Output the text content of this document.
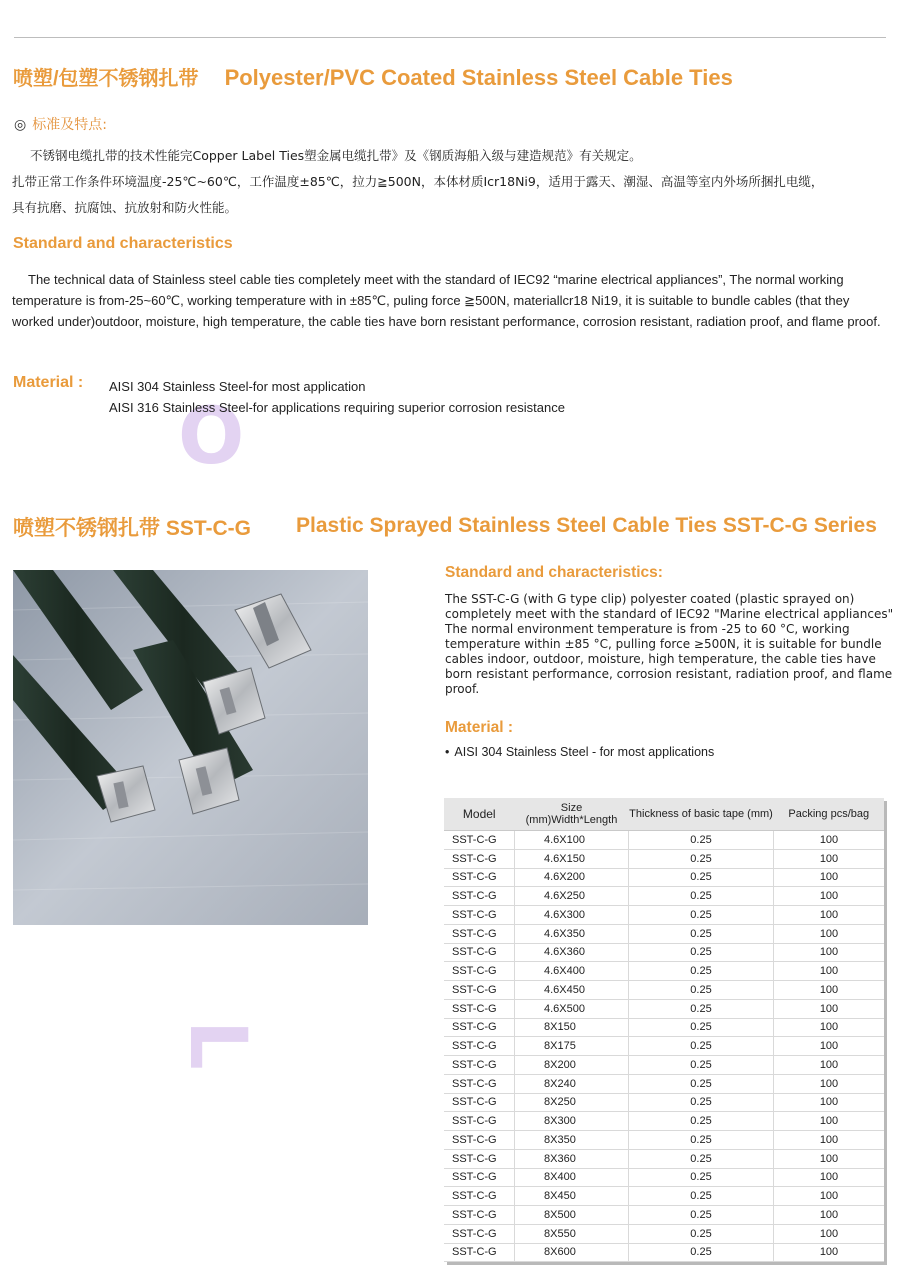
O
L
喷塑/包塑不锈钢扎带 Polyester/PVC Coated Stainless Steel Cable Ties
◎ 标准及特点:
不锈钢电缆扎带的技术性能完Copper Label Ties塑金属电缆扎带》及《钢质海船入级与建造规范》有关规定。
扎带正常工作条件环境温度-25℃~60℃，工作温度±85℃，拉力≧500N，本体材质Icr18Ni9，适用于露天、潮湿、高温等室内外场所捆扎电缆，
具有抗磨、抗腐蚀、抗放射和防火性能。
Standard and characteristics
The technical data of Stainless steel cable ties completely meet with the standard of IEC92 “marine electrical appliances”, The normal working temperature is from-25~60℃, working temperature with in ±85℃, puling force ≧500N, materiallcr18 Ni19, it is suitable to bundle cables (that they worked under)outdoor, moisture, high temperature, the cable ties have born resistant performance, corrosion resistant, radiation proof, and flame proof.
Material : AISI 304 Stainless Steel-for most application
AISI 316 Stainless Steel-for applications requiring superior corrosion resistance
喷塑不锈钢扎带 SST-C-G Plastic Sprayed Stainless Steel Cable Ties SST-C-G Series
Standard and characteristics:
The SST-C-G (with G type clip) polyester coated (plastic sprayed on) completely meet with the standard of IEC92 "Marine electrical appliances" The normal environment temperature is from -25 to 60 °C, working temperature within ±85 °C, pulling force ≥500N, it is suitable for bundle cables indoor, outdoor, moisture, high temperature, the cable ties have born resistant performance, corrosion resistant, radiation proof, and flame proof.
Material :
• AISI 304 Stainless Steel - for most applications
Model	Size (mm)Width*Length	Thickness of basic tape (mm)	Packing pcs/bag
SST-C-G	4.6X100	0.25	100
SST-C-G	4.6X150	0.25	100
SST-C-G	4.6X200	0.25	100
SST-C-G	4.6X250	0.25	100
SST-C-G	4.6X300	0.25	100
SST-C-G	4.6X350	0.25	100
SST-C-G	4.6X360	0.25	100
SST-C-G	4.6X400	0.25	100
SST-C-G	4.6X450	0.25	100
SST-C-G	4.6X500	0.25	100
SST-C-G	8X150	0.25	100
SST-C-G	8X175	0.25	100
SST-C-G	8X200	0.25	100
SST-C-G	8X240	0.25	100
SST-C-G	8X250	0.25	100
SST-C-G	8X300	0.25	100
SST-C-G	8X350	0.25	100
SST-C-G	8X360	0.25	100
SST-C-G	8X400	0.25	100
SST-C-G	8X450	0.25	100
SST-C-G	8X500	0.25	100
SST-C-G	8X550	0.25	100
SST-C-G	8X600	0.25	100
